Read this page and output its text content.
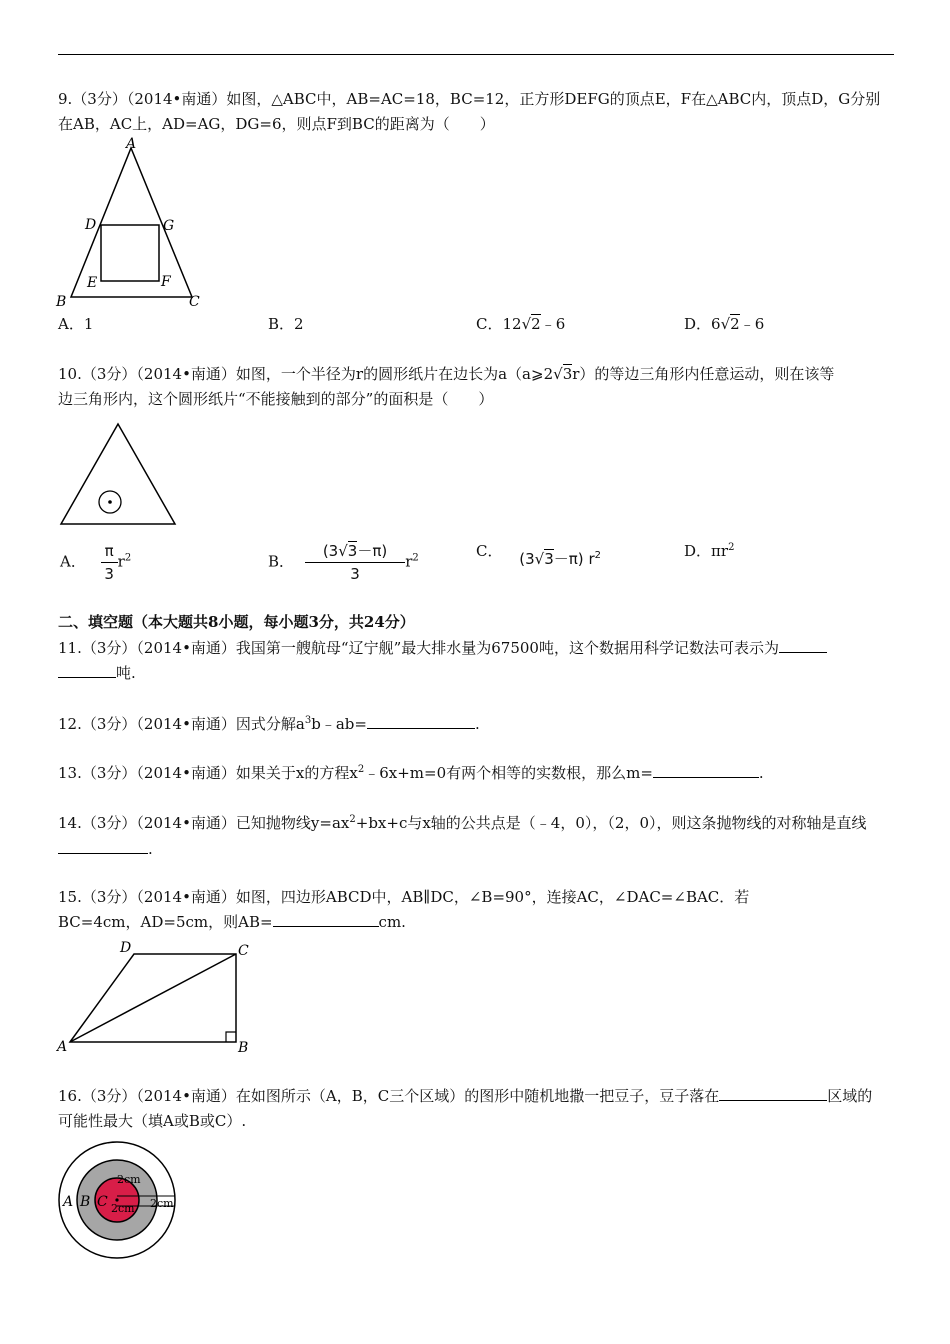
9.（3分）（2014•南通）如图，△ABC中，AB=AC=18，BC=12，正方形DEFG的顶点E，F在△ABC内，顶点D，G分别
在AB，AC上，AD=AG，DG=6，则点F到BC的距离为（　　）
A
B	C
D
E	F
G
A．1	B．2	C．12√2﹣6	D．6√2﹣6
10.（3分）（2014•南通）如图，一个半径为r的圆形纸片在边长为a（a⩾2√3r）的等边三角形内任意运动，则在该等
边三角形内，这个圆形纸片“不能接触到的部分”的面积是（　　）
A． $\frac{\pi}{3} r^2$	B． $\frac{(3√3-\pi)}{3} r^2$	C． (3√3－π) $r^2$	D．$\pi r^2$
二、填空题（本大题共8小题，每小题3分，共24分）
11.（3分）（2014•南通）我国第一艘航母“辽宁舰”最大排水量为67500吨，这个数据用科学记数法可表示为
吨.
12.（3分）（2014•南通）因式分解$a^3b﹣ab=$	.
13.（3分）（2014•南通）如果关于x的方程$x^2﹣6x+m=0$有两个相等的实数根，那么m=	.
14.（3分）（2014•南通）已知抛物线$y=ax^2+bx+c$与x轴的公共点是（﹣4，0），（2，0），则这条抛物线的对称轴是直线
.
15.（3分）（2014•南通）如图，四边形ABCD中，AB∥DC，∠B=90°，连接AC，∠DAC=∠BAC．若
BC=4cm，AD=5cm，则AB=	cm.
A	B
C
D
16.（3分）（2014•南通）在如图所示（A，B，C三个区域）的图形中随机地撒一把豆子，豆子落在	区域的
可能性最大（填A或B或C）.
A B C
2cm
2cm 2cm
